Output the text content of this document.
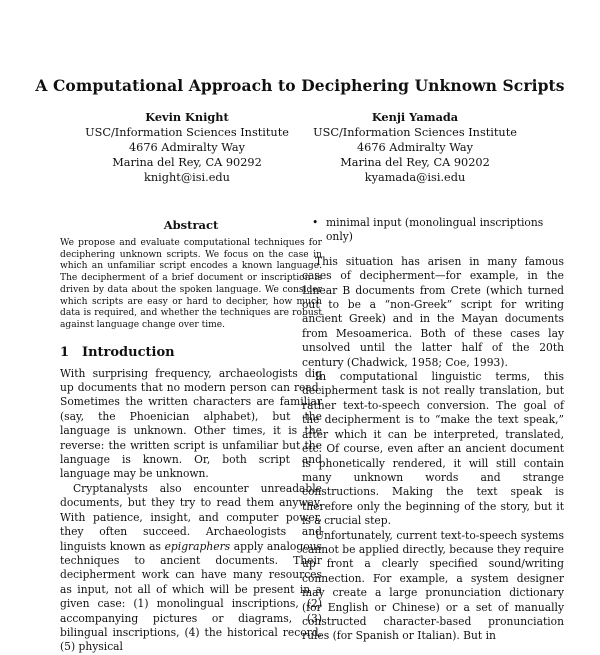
A Computational Approach to Deciphering Unknown Scripts
Kevin Knight
USC/Information Sciences Institute
4676 Admiralty Way
Marina del Rey, CA 90292
knight@isi.edu
Kenji Yamada
USC/Information Sciences Institute
4676 Admiralty Way
Marina del Rey, CA 90202
kyamada@isi.edu
Abstract
We propose and evaluate computational techniques for deciphering unknown scripts. We focus on the case in which an unfamiliar script encodes a known language. The decipherment of a brief document or inscription is driven by data about the spoken language. We consider which scripts are easy or hard to decipher, how much data is required, and whether the techniques are robust against language change over time.
1 Introduction

With surprising frequency, archaeologists dig up documents that no modern person can read. Sometimes the written characters are familiar (say, the Phoenician alphabet), but the language is unknown. Other times, it is the reverse: the written script is unfamiliar but the language is known. Or, both script and language may be unknown.

Cryptanalysts also encounter unreadable documents, but they try to read them anyway. With patience, insight, and computer power, they often succeed. Archaeologists and linguists known as epigraphers apply analogous techniques to ancient documents. Their decipherment work can have many resources as input, not all of which will be present in a given case: (1) monolingual inscriptions, (2) accompanying pictures or diagrams, (3) bilingual inscriptions, (4) the historical record, (5) physical

• minimal input (monolingual inscriptions only)

This situation has arisen in many famous cases of decipherment—for example, in the Linear B documents from Crete (which turned out to be a “non-Greek” script for writing ancient Greek) and in the Mayan documents from Mesoamerica. Both of these cases lay unsolved until the latter half of the 20th century (Chadwick, 1958; Coe, 1993).

In computational linguistic terms, this decipherment task is not really translation, but rather text-to-speech conversion. The goal of the decipherment is to “make the text speak,” after which it can be interpreted, translated, etc. Of course, even after an ancient document is phonetically rendered, it will still contain many unknown words and strange constructions. Making the text speak is therefore only the beginning of the story, but it is a crucial step.

Unfortunately, current text-to-speech systems cannot be applied directly, because they require up front a clearly specified sound/writing connection. For example, a system designer may create a large pronunciation dictionary (for English or Chinese) or a set of manually constructed character-based pronunciation rules (for Spanish or Italian). But in
